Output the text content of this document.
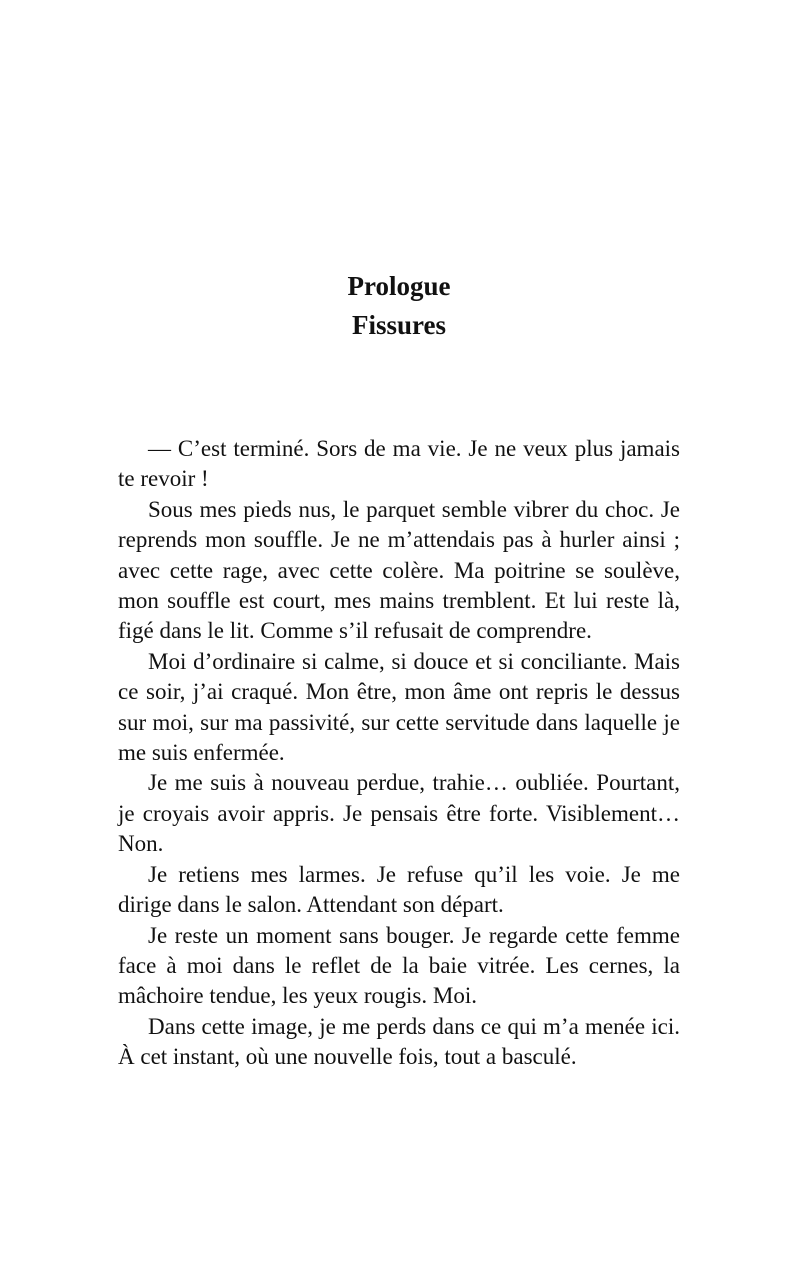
Prologue
Fissures

— C’est terminé. Sors de ma vie. Je ne veux plus jamais te revoir !

Sous mes pieds nus, le parquet semble vibrer du choc. Je reprends mon souffle. Je ne m’attendais pas à hurler ainsi ; avec cette rage, avec cette colère. Ma poitrine se soulève, mon souffle est court, mes mains tremblent. Et lui reste là, figé dans le lit. Comme s’il refusait de comprendre.

Moi d’ordinaire si calme, si douce et si conciliante. Mais ce soir, j’ai craqué. Mon être, mon âme ont repris le dessus sur moi, sur ma passivité, sur cette servitude dans laquelle je me suis enfermée.

Je me suis à nouveau perdue, trahie… oubliée. Pourtant, je croyais avoir appris. Je pensais être forte. Visiblement… Non.

Je retiens mes larmes. Je refuse qu’il les voie. Je me dirige dans le salon. Attendant son départ.

Je reste un moment sans bouger. Je regarde cette femme face à moi dans le reflet de la baie vitrée. Les cernes, la mâchoire tendue, les yeux rougis. Moi.

Dans cette image, je me perds dans ce qui m’a menée ici. À cet instant, où une nouvelle fois, tout a basculé.
